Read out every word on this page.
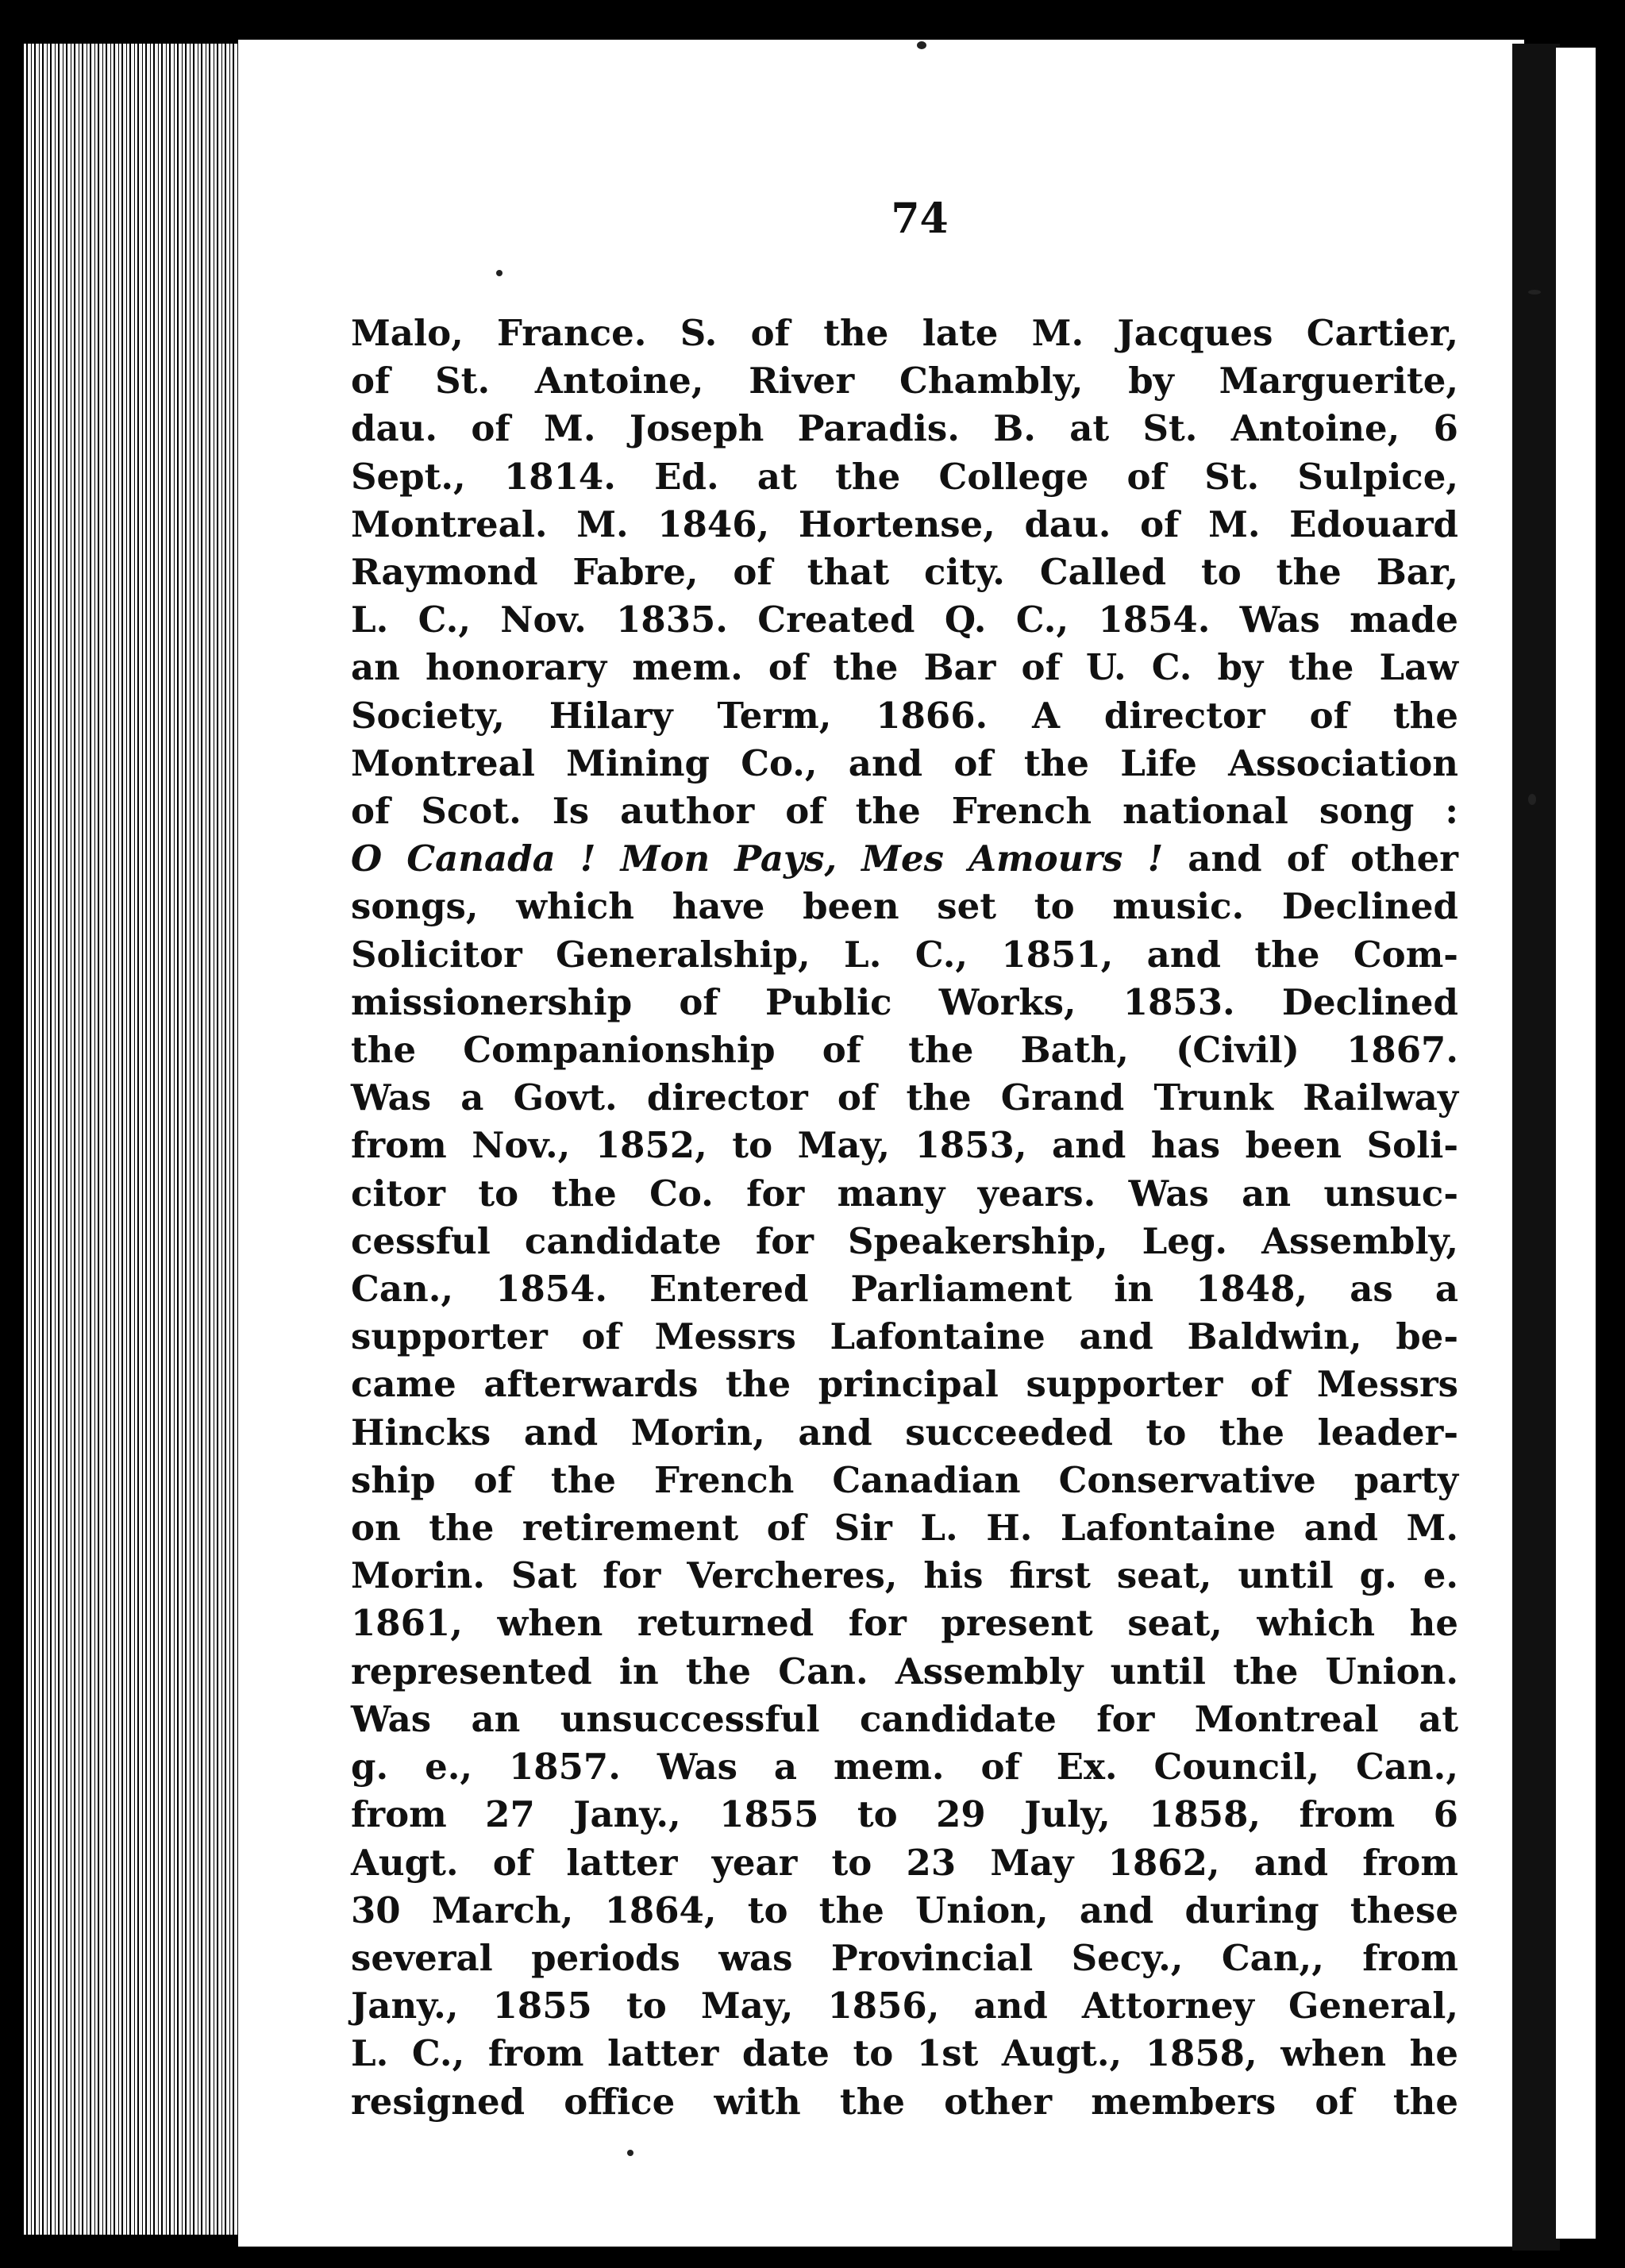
74

Malo, France. S. of the late M. Jacques Cartier,
of St. Antoine, River Chambly, by Marguerite,
dau. of M. Joseph Paradis. B. at St. Antoine, 6
Sept., 1814. Ed. at the College of St. Sulpice,
Montreal. M. 1846, Hortense, dau. of M. Edouard
Raymond Fabre, of that city. Called to the Bar,
L. C., Nov. 1835. Created Q. C., 1854. Was made
an honorary mem. of the Bar of U. C. by the Law
Society, Hilary Term, 1866. A director of the
Montreal Mining Co., and of the Life Association
of Scot. Is author of the French national song :
O Canada ! Mon Pays, Mes Amours ! and of other
songs, which have been set to music. Declined
Solicitor Generalship, L. C., 1851, and the Com-
missionership of Public Works, 1853. Declined
the Companionship of the Bath, (Civil) 1867.
Was a Govt. director of the Grand Trunk Railway
from Nov., 1852, to May, 1853, and has been Soli-
citor to the Co. for many years. Was an unsuc-
cessful candidate for Speakership, Leg. Assembly,
Can., 1854. Entered Parliament in 1848, as a
supporter of Messrs Lafontaine and Baldwin, be-
came afterwards the principal supporter of Messrs
Hincks and Morin, and succeeded to the leader-
ship of the French Canadian Conservative party
on the retirement of Sir L. H. Lafontaine and M.
Morin. Sat for Vercheres, his first seat, until g. e.
1861, when returned for present seat, which he
represented in the Can. Assembly until the Union.
Was an unsuccessful candidate for Montreal at
g. e., 1857. Was a mem. of Ex. Council, Can.,
from 27 Jany., 1855 to 29 July, 1858, from 6
Augt. of latter year to 23 May 1862, and from
30 March, 1864, to the Union, and during these
several periods was Provincial Secy., Can,, from
Jany., 1855 to May, 1856, and Attorney General,
L. C., from latter date to 1st Augt., 1858, when he
resigned office with the other members of the
